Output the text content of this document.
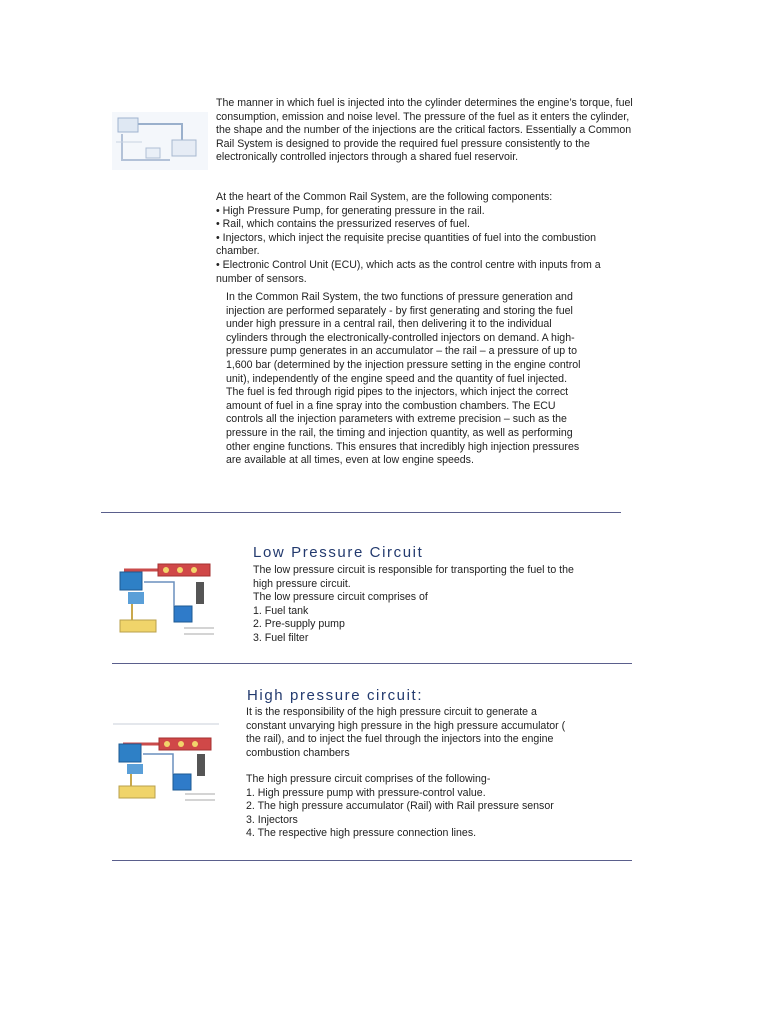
The manner in which fuel is injected into the cylinder determines the engine’s torque, fuel consumption, emission and noise level. The pressure of the fuel as it enters the cylinder, the shape and the number of the injections are the critical factors. Essentially a Common Rail System is designed to provide the required fuel pressure consistently to the electronically controlled injectors through a shared fuel reservoir.

At the heart of the Common Rail System, are the following components:

• High Pressure Pump, for generating pressure in the rail.
• Rail, which contains the pressurized reserves of fuel.
• Injectors, which inject the requisite precise quantities of fuel into the combustion chamber.
• Electronic Control Unit (ECU), which acts as the control centre with inputs from a number of sensors.
In the Common Rail System, the two functions of pressure generation and injection are performed separately - by first generating and storing the fuel under high pressure in a central rail, then delivering it to the individual cylinders through the electronically-controlled injectors on demand. A high-pressure pump generates in an accumulator – the rail – a pressure of up to 1,600 bar (determined by the injection pressure setting in the engine control unit), independently of the engine speed and the quantity of fuel injected. The fuel is fed through rigid pipes to the injectors, which inject the correct amount of fuel in a fine spray into the combustion chambers. The ECU controls all the injection parameters with extreme precision – such as the pressure in the rail, the timing and injection quantity, as well as performing other engine functions. This ensures that incredibly high injection pressures are available at all times, even at low engine speeds.
Low Pressure Circuit

The low pressure circuit is responsible for transporting the fuel to the high pressure circuit.

The low pressure circuit comprises of

1. Fuel tank

2. Pre-supply pump

3. Fuel filter

High pressure circuit:
It is the responsibility of the high pressure circuit to generate a constant unvarying high pressure in the high pressure accumulator ( the rail), and to inject the fuel through the injectors into the engine combustion chambers

The high pressure circuit comprises of the following-

1. High pressure pump with pressure-control value.

2. The high pressure accumulator (Rail) with Rail pressure sensor

3. Injectors

4. The respective high pressure connection lines.
